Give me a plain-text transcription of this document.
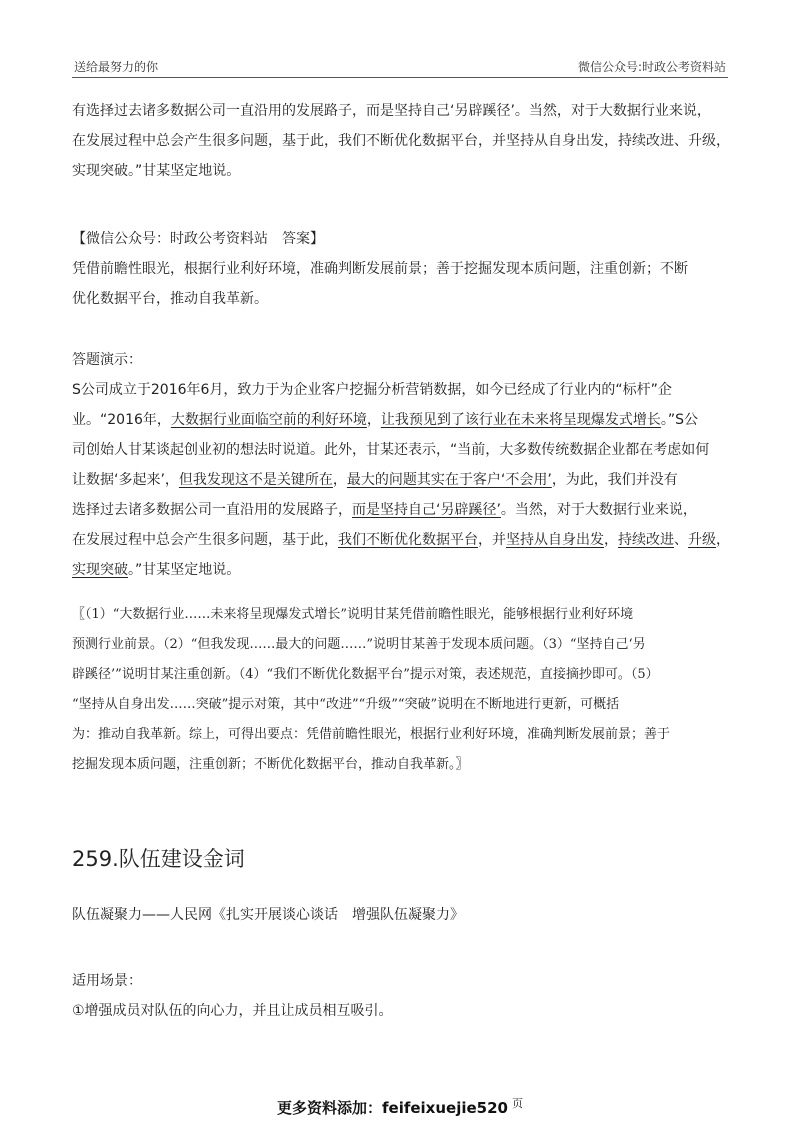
送给最努力的你	微信公众号:时政公考资料站

有选择过去诸多数据公司一直沿用的发展路子，而是坚持自己‘另辟蹊径’。当然，对于大数据行业来说，
在发展过程中总会产生很多问题，基于此，我们不断优化数据平台，并坚持从自身出发，持续改进、升级，
实现突破。”甘某坚定地说。

【微信公众号：时政公考资料站　答案】
凭借前瞻性眼光，根据行业利好环境，准确判断发展前景；善于挖掘发现本质问题，注重创新；不断
优化数据平台，推动自我革新。

答题演示：
S公司成立于2016年6月，致力于为企业客户挖掘分析营销数据，如今已经成了行业内的“标杆”企
业。“2016年，大数据行业面临空前的利好环境，让我预见到了该行业在未来将呈现爆发式增长。”S公
司创始人甘某谈起创业初的想法时说道。此外，甘某还表示，“当前，大多数传统数据企业都在考虑如何
让数据‘多起来’，但我发现这不是关键所在，最大的问题其实在于客户‘不会用’，为此，我们并没有
选择过去诸多数据公司一直沿用的发展路子，而是坚持自己‘另辟蹊径’。当然，对于大数据行业来说，
在发展过程中总会产生很多问题，基于此，我们不断优化数据平台，并坚持从自身出发，持续改进、升级，
实现突破。”甘某坚定地说。

〖（1）“大数据行业……未来将呈现爆发式增长”说明甘某凭借前瞻性眼光，能够根据行业利好环境
预测行业前景。（2）“但我发现……最大的问题……”说明甘某善于发现本质问题。（3）“坚持自己‘另
辟蹊径’”说明甘某注重创新。（4）“我们不断优化数据平台”提示对策，表述规范，直接摘抄即可。（5）
“坚持从自身出发……突破”提示对策，其中“改进”“升级”“突破”说明在不断地进行更新，可概括
为：推动自我革新。综上，可得出要点：凭借前瞻性眼光，根据行业利好环境，准确判断发展前景；善于
挖掘发现本质问题，注重创新；不断优化数据平台，推动自我革新。〗

259.队伍建设金词

队伍凝聚力——人民网《扎实开展谈心谈话　增强队伍凝聚力》

适用场景：
①增强成员对队伍的向心力，并且让成员相互吸引。

更多资料添加：feifeixuejie520 $^页$
